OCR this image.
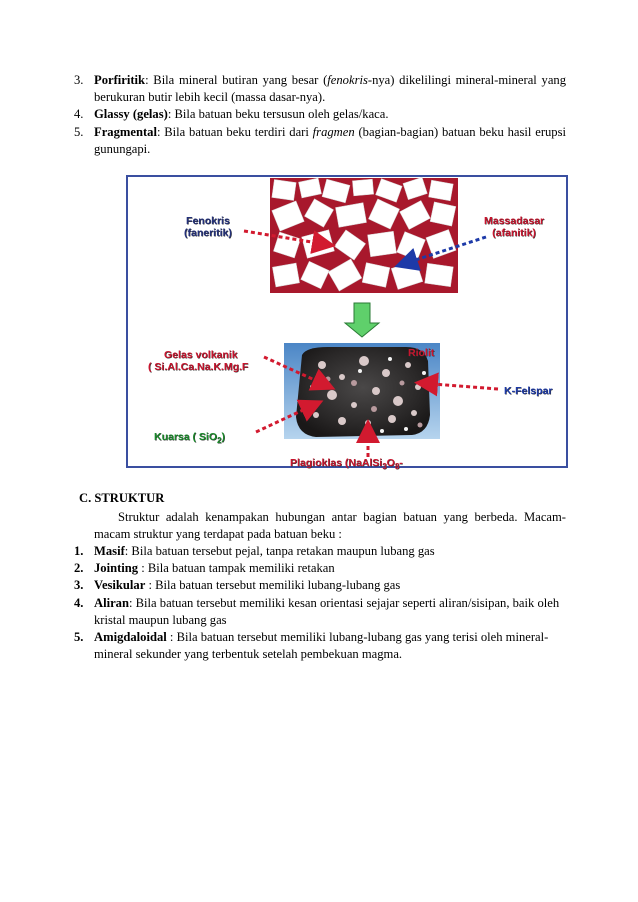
3. Porfiritik: Bila mineral butiran yang besar (fenokris-nya) dikelilingi mineral-mineral yang berukuran butir lebih kecil (massa dasar-nya).
4. Glassy (gelas): Bila batuan beku tersusun oleh gelas/kaca.
5. Fragmental: Bila batuan beku terdiri dari fragmen (bagian-bagian) batuan beku hasil erupsi gunungapi.
Fenokris
(faneritik)
Massadasar
(afanitik)
Gelas volkanik
( Si.Al.Ca.Na.K.Mg.F
Riolit
K-Felspar
Kuarsa ( SiO$_2$)
Plagioklas ($NaAlSi_3O_8-$
C. STRUKTUR
Struktur adalah kenampakan hubungan antar bagian batuan yang berbeda. Macam-macam struktur yang terdapat pada batuan beku :
1. Masif: Bila batuan tersebut pejal, tanpa retakan maupun lubang gas
2. Jointing : Bila batuan tampak memiliki retakan
3. Vesikular : Bila batuan tersebut memiliki lubang-lubang gas
4. Aliran: Bila batuan tersebut memiliki kesan orientasi sejajar seperti aliran/sisipan, baik oleh kristal maupun lubang gas
5. Amigdaloidal : Bila batuan tersebut memiliki lubang-lubang gas yang terisi oleh mineral-mineral sekunder yang terbentuk setelah pembekuan magma.
